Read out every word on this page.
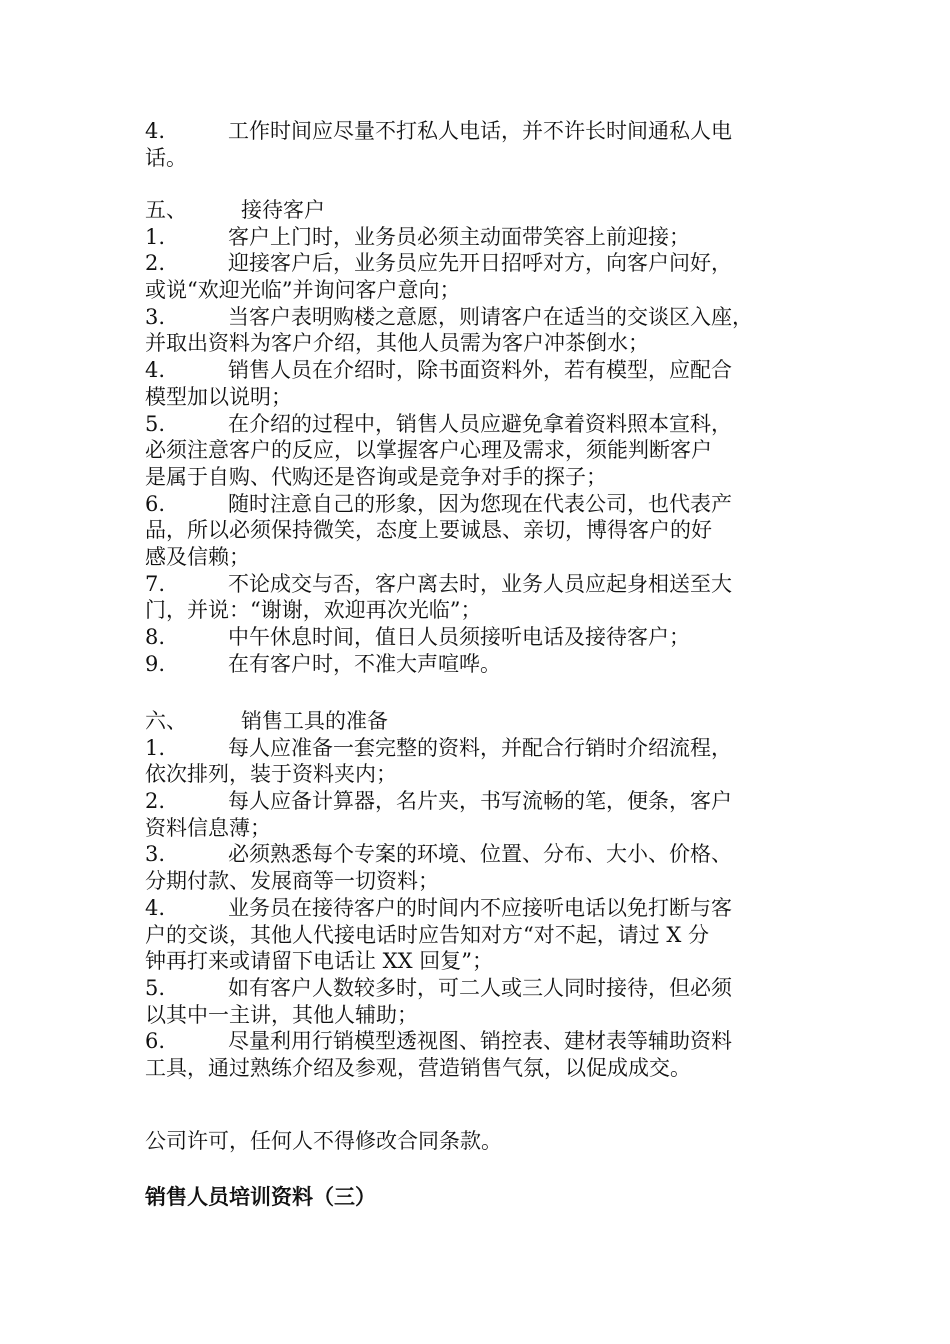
4.	工作时间应尽量不打私人电话，并不许长时间通私人电
话。
五、	接待客户
1.	客户上门时，业务员必须主动面带笑容上前迎接；
2.	迎接客户后，业务员应先开日招呼对方，向客户问好，
或说“欢迎光临”并询问客户意向；
3.	当客户表明购楼之意愿，则请客户在适当的交谈区入座，
并取出资料为客户介绍，其他人员需为客户冲茶倒水；
4.	销售人员在介绍时，除书面资料外，若有模型，应配合
模型加以说明；
5.	在介绍的过程中，销售人员应避免拿着资料照本宣科，
必须注意客户的反应，以掌握客户心理及需求，须能判断客户
是属于自购、代购还是咨询或是竞争对手的探子；
6.	随时注意自己的形象，因为您现在代表公司，也代表产
品，所以必须保持微笑，态度上要诚恳、亲切，博得客户的好
感及信赖；
7.	不论成交与否，客户离去时，业务人员应起身相送至大
门，并说：“谢谢，欢迎再次光临”；
8.	中午休息时间，值日人员须接听电话及接待客户；
9.	在有客户时，不准大声喧哗。
六、	销售工具的准备
1.	每人应准备一套完整的资料，并配合行销时介绍流程，
依次排列，装于资料夹内；
2.	每人应备计算器，名片夹，书写流畅的笔，便条，客户
资料信息薄；
3.	必须熟悉每个专案的环境、位置、分布、大小、价格、
分期付款、发展商等一切资料；
4.	业务员在接待客户的时间内不应接听电话以免打断与客
户的交谈，其他人代接电话时应告知对方“对不起，请过 X 分
钟再打来或请留下电话让 XX 回复”；
5.	如有客户人数较多时，可二人或三人同时接待，但必须
以其中一主讲，其他人辅助；
6.	尽量利用行销模型透视图、销控表、建材表等辅助资料
工具，通过熟练介绍及参观，营造销售气氛，以促成成交。
公司许可，任何人不得修改合同条款。
销售人员培训资料（三）
